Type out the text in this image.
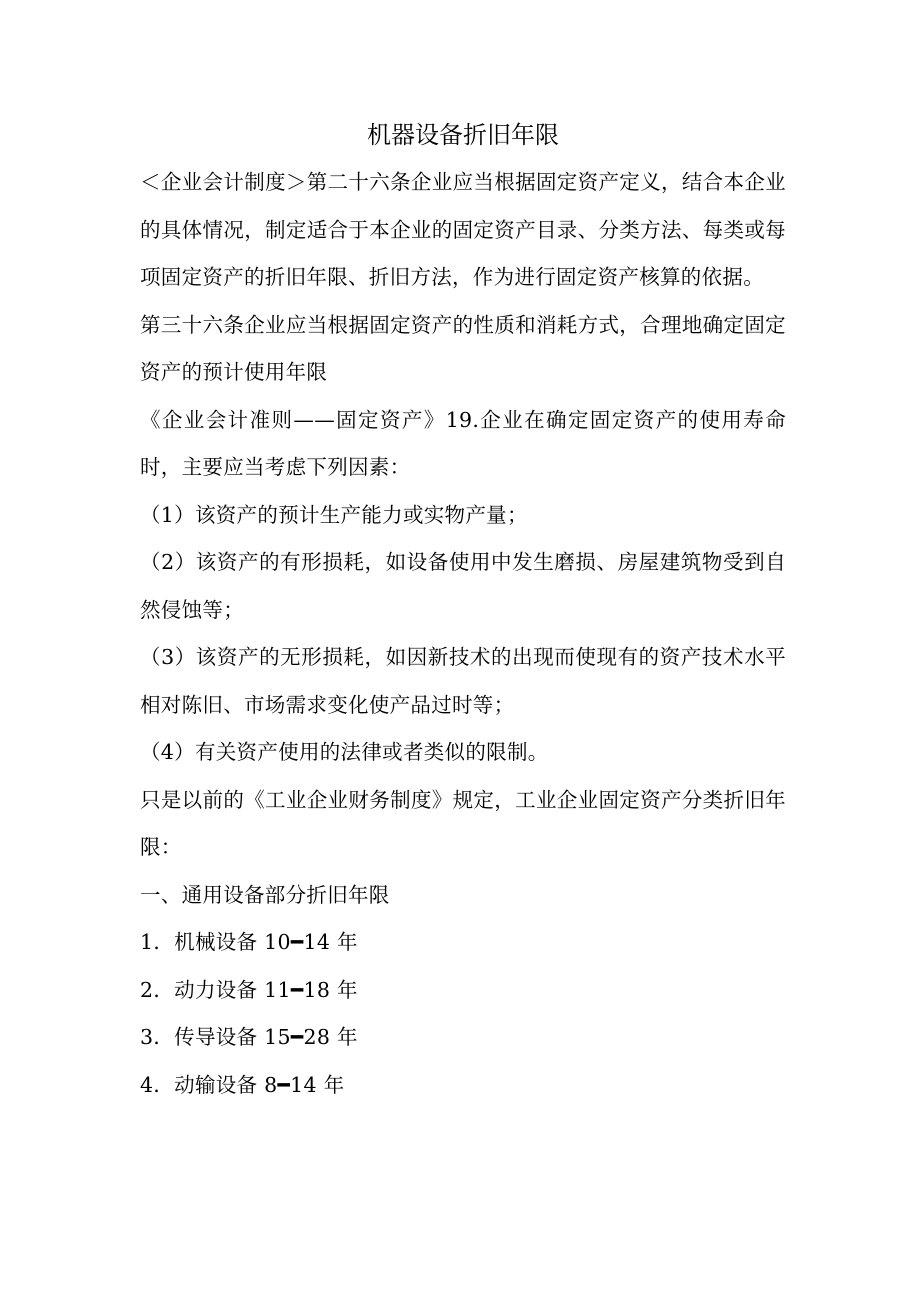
机器设备折旧年限

＜企业会计制度＞第二十六条企业应当根据固定资产定义，结合本企业的具体情况，制定适合于本企业的固定资产目录、分类方法、每类或每项固定资产的折旧年限、折旧方法，作为进行固定资产核算的依据。

第三十六条企业应当根据固定资产的性质和消耗方式，合理地确定固定资产的预计使用年限

《企业会计准则——固定资产》19.企业在确定固定资产的使用寿命时，主要应当考虑下列因素：

（1）该资产的预计生产能力或实物产量；

（2）该资产的有形损耗，如设备使用中发生磨损、房屋建筑物受到自然侵蚀等；

（3）该资产的无形损耗，如因新技术的出现而使现有的资产技术水平相对陈旧、市场需求变化使产品过时等；

（4）有关资产使用的法律或者类似的限制。

只是以前的《工业企业财务制度》规定，工业企业固定资产分类折旧年限：

一、通用设备部分折旧年限

1．机械设备 10━14 年

2．动力设备 11━18 年

3．传导设备 15━28 年

4．动输设备 8━14 年
